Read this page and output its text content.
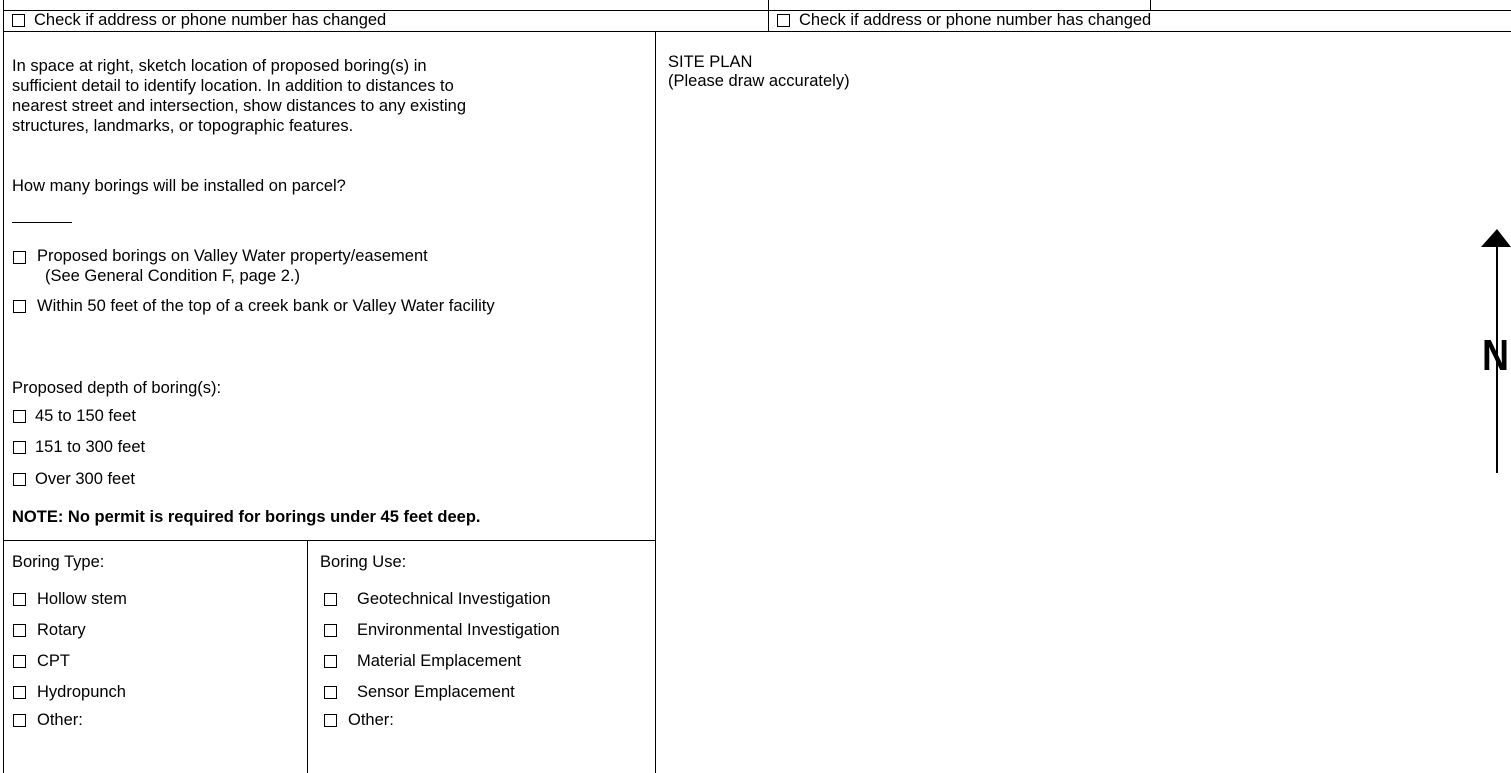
Check if address or phone number has changed	Check if address or phone number has changed
In space at right, sketch location of proposed boring(s) in
sufficient detail to identify location. In addition to distances to
nearest street and intersection, show distances to any existing
structures, landmarks, or topographic features.
How many borings will be installed on parcel?
Proposed borings on Valley Water property/easement
(See General Condition F, page 2.)
Within 50 feet of the top of a creek bank or Valley Water facility
Proposed depth of boring(s):
45 to 150 feet
151 to 300 feet
Over 300 feet
NOTE: No permit is required for borings under 45 feet deep.
Boring Type:
Hollow stem
Rotary
CPT
Hydropunch
Other:
Boring Use:
Geotechnical Investigation
Environmental Investigation
Material Emplacement
Sensor Emplacement
Other:
SITE PLAN
(Please draw accurately)
N
